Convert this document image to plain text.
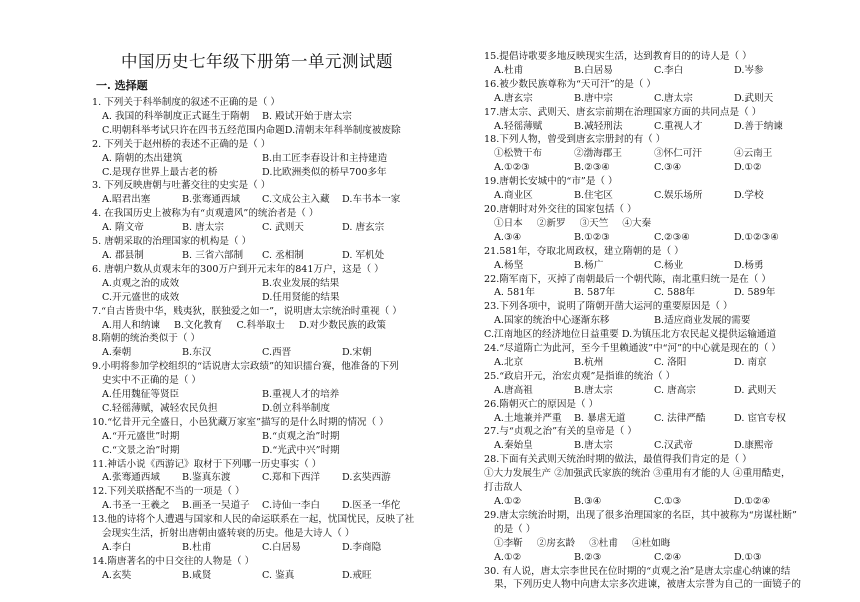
中国历史七年级下册第一单元测试题
一. 选择题
1. 下列关于科举制度的叙述不正确的是（ ）
A. 我国的科举制度正式诞生于隋朝	B. 殿试开始于唐太宗
C.明朝科举考试只许在四书五经范围内命题 D.清朝末年科举制度被废除
2. 下列关于赵州桥的表述不正确的是（ ）
A. 隋朝的杰出建筑	B.由工匠李春设计和主持建造
C.是现存世界上最古老的桥	D.比欧洲类似的桥早700多年
3. 下列反映唐朝与吐蕃交往的史实是（ ）
A.昭君出塞	B.张骞通西域	C.文成公主入藏	D.车书本一家
4. 在我国历史上被称为有“贞观遗风”的统治者是（ ）
A. 隋文帝	B. 唐太宗	C. 武则天	D. 唐玄宗
5. 唐朝采取的治理国家的机构是（ ）
A. 郡县制	B. 三省六部制	C. 丞相制	D. 军机处
6. 唐朝户数从贞观末年的300万户到开元末年的841万户，这是（ ）
A.贞观之治的成效	B.农业发展的结果
C.开元盛世的成效	D.任用贤能的结果
7.“自古皆贵中华，贱夷狄，朕独爱之如一”，说明唐太宗统治时重视（ ）
A.用人和纳谏 B.文化教育 C.科举取士 D.对少数民族的政策
8.隋朝的统治类似于（ ）
A.秦朝	B.东汉	C.西晋	D.宋朝
9.小明将参加学校组织的“话说唐太宗政绩”的知识擂台赛，他准备的下列
史实中不正确的是（ ）
A.任用魏征等贤臣	B.重视人才的培养
C.轻徭薄赋，减轻农民负担	D.创立科举制度
10.“忆昔开元全盛日，小邑犹藏万家室”描写的是什么时期的情况（ ）
A.“开元盛世”时期	B.“贞观之治”时期
C.“文景之治”时期	D.“光武中兴”时期
11.神话小说《西游记》取材于下列哪一历史事实（ ）
A.张骞通西域	B.鉴真东渡	C.郑和下西洋	D.玄奘西游
12.下列关联搭配不当的一项是（ ）
A.书圣一王羲之	B.画圣一吴道子	C.诗仙一李白	D.医圣一华佗
13.他的诗将个人遭遇与国家和人民的命运联系在一起，忧国忧民，反映了社
会现实生活，折射出唐朝由盛转衰的历史。他是大诗人（ ）
A.李白	B.杜甫	C.白居易	D.李商隐
14.隋唐著名的中日交往的人物是（ ）
A.玄奘	B.咸贤	C. 鉴真	D.戒旺
15.提倡诗歌要多地反映现实生活，达到教育目的的诗人是（ ）
A.杜甫	B.白居易	C.李白	D.岑参
16.被少数民族尊称为“天可汗”的是（ ）
A.唐玄宗	B.唐中宗	C.唐太宗	D.武则天
17.唐太宗、武则天、唐玄宗前期在治理国家方面的共同点是（ ）
A.轻徭薄赋	B.减轻刑法	C.重视人才	D.善于纳谏
18.下列人物，曾受到唐玄宗册封的有（ ）
①松赞干布	②渤海郡王	③怀仁可汗	④云南王
A.①②③	B.②③④	C.③④	D.①②
19.唐朝长安城中的“市”是（ ）
A.商业区	B.住宅区	C.娱乐场所	D.学校
20.唐朝时对外交往的国家包括（ ）
①日本 ②新罗 ③天竺 ④大秦
A.③④	B.①②③	C.②③④	D.①②③④
21.581年，夺取北周政权，建立隋朝的是（ ）
A.杨坚	B.杨广	C.杨业	D.杨勇
22.隋军南下，灭掉了南朝最后一个朝代陈，南北重归统一是在（ ）
A. 581年	B. 587年	C. 588年	D. 589年
23.下列各项中，说明了隋朝开凿大运河的重要原因是（ ）
A.国家的统治中心逐渐东移	B.适应商业发展的需要
C.江南地区的经济地位日益重要 D.为镇压北方农民起义提供运输通道
24.“尽道隋亡为此河，至今千里赖通波”中“河”的中心就是现在的（ ）
A.北京	B.杭州	C. 洛阳	D. 南京
25.“政启开元，治宏贞观”是指谁的统治（ ）
A.唐高祖	B.唐太宗	C. 唐高宗	D. 武则天
26.隋朝灭亡的原因是（ ）
A.土地兼并严重	B. 暴虐无道	C. 法律严酷	D. 宦官专权
27.与“贞观之治”有关的皇帝是（ ）
A.秦始皇	B.唐太宗	C.汉武帝	D.康熙帝
28.下面有关武则天统治时期的做法，最值得我们肯定的是（ ）
①大力发展生产 ②加强武氏家族的统治 ③重用有才能的人 ④重用酷吏，
打击敌人
A.①②	B.③④	C.①③	D.①②④
29.唐太宗统治时期，出现了很多治理国家的名臣，其中被称为“房谋杜断”
的是（ ）
①李靳 ②房玄龄 ③杜甫 ④杜如晦
A.①②	B.②③	C.②④	D.①③
30. 有人说，唐太宗李世民在位时期的“贞观之治”是唐太宗虚心纳谏的结
果，下列历史人物中向唐太宗多次进谏，被唐太宗誉为自己的一面镜子的
